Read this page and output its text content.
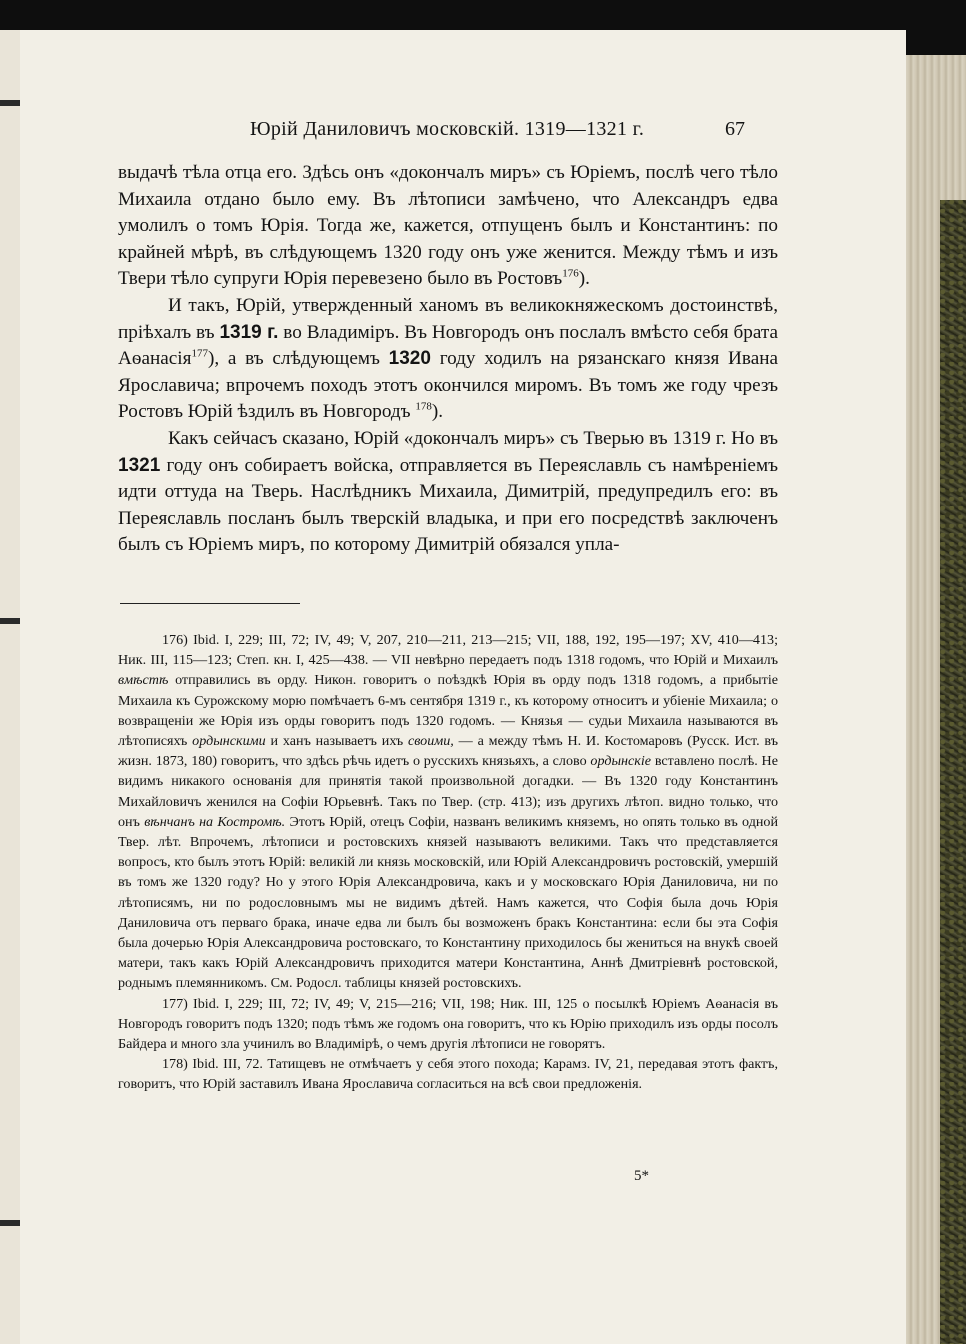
Юрій Даниловичъ московскій. 1319—1321 г.	67

выдачѣ тѣла отца его. Здѣсь онъ «докончалъ миръ» съ Юріемъ, послѣ чего тѣло Михаила отдано было ему. Въ лѣтописи замѣчено, что Александръ едва умолилъ о томъ Юрія. Тогда же, кажется, отпущенъ былъ и Константинъ: по крайней мѣрѣ, въ слѣдующемъ 1320 году онъ уже женится. Между тѣмъ и изъ Твери тѣло супруги Юрія перевезено было въ Ростовъ$^{176}$).

И такъ, Юрій, утвержденный ханомъ въ великокняжескомъ достоинствѣ, пріѣхалъ въ 1319 г. во Владиміръ. Въ Новгородъ онъ послалъ вмѣсто себя брата Аѳанасія$^{177}$), а въ слѣдующемъ 1320 году ходилъ на рязанскаго князя Ивана Ярославича; впрочемъ походъ этотъ окончился миромъ. Въ томъ же году чрезъ Ростовъ Юрій ѣздилъ въ Новгородъ $^{178}$).

Какъ сейчасъ сказано, Юрій «докончалъ миръ» съ Тверью въ 1319 г. Но въ 1321 году онъ собираетъ войска, отправляется въ Переяславль съ намѣреніемъ идти оттуда на Тверь. Наслѣдникъ Михаила, Димитрій, предупредилъ его: въ Переяславль посланъ былъ тверскій владыка, и при его посредствѣ заключенъ былъ съ Юріемъ миръ, по которому Димитрій обязался упла-

176) Ibid. I, 229; III, 72; IV, 49; V, 207, 210—211, 213—215; VII, 188, 192, 195—197; XV, 410—413; Ник. III, 115—123; Степ. кн. I, 425—438. — VII невѣрно передаетъ подъ 1318 годомъ, что Юрій и Михаилъ вмѣстѣ отправились въ орду. Никон. говоритъ о поѣздкѣ Юрія въ орду подъ 1318 годомъ, а прибытіе Михаила къ Сурожскому морю помѣчаетъ 6-мъ сентября 1319 г., къ которому относитъ и убіеніе Михаила; о возвращеніи же Юрія изъ орды говоритъ подъ 1320 годомъ. — Князья — судьи Михаила называются въ лѣтописяхъ ордынскими и ханъ называетъ ихъ своими, — а между тѣмъ Н. И. Костомаровъ (Русск. Ист. въ жизн. 1873, 180) говоритъ, что здѣсь рѣчь идетъ о русскихъ князьяхъ, а слово ордынскіе вставлено послѣ. Не видимъ никакого основанія для принятія такой произвольной догадки. — Въ 1320 году Константинъ Михайловичъ женился на Софіи Юрьевнѣ. Такъ по Твер. (стр. 413); изъ другихъ лѣтоп. видно только, что онъ вѣнчанъ на Костромѣ. Этотъ Юрій, отецъ Софіи, названъ великимъ княземъ, но опять только въ одной Твер. лѣт. Впрочемъ, лѣтописи и ростовскихъ князей называютъ великими. Такъ что представляется вопросъ, кто былъ этотъ Юрій: великій ли князь московскій, или Юрій Александровичъ ростовскій, умершій въ томъ же 1320 году? Но у этого Юрія Александровича, какъ и у московскаго Юрія Даниловича, ни по лѣтописямъ, ни по родословнымъ мы не видимъ дѣтей. Намъ кажется, что Софія была дочь Юрія Даниловича отъ перваго брака, иначе едва ли былъ бы возможенъ бракъ Константина: если бы эта Софія была дочерью Юрія Александровича ростовскаго, то Константину приходилось бы жениться на внукѣ своей матери, такъ какъ Юрій Александровичъ приходится матери Константина, Аннѣ Дмитріевнѣ ростовской, роднымъ племянникомъ. См. Родосл. таблицы князей ростовскихъ.

177) Ibid. I, 229; III, 72; IV, 49; V, 215—216; VII, 198; Ник. III, 125 о посылкѣ Юріемъ Аѳанасія въ Новгородъ говоритъ подъ 1320; подъ тѣмъ же годомъ она говоритъ, что къ Юрію приходилъ изъ орды посолъ Байдера и много зла учинилъ во Владимірѣ, о чемъ другія лѣтописи не говорятъ.

178) Ibid. III, 72. Татищевъ не отмѣчаетъ у себя этого похода; Карамз. IV, 21, передавая этотъ фактъ, говоритъ, что Юрій заставилъ Ивана Ярославича согласиться на всѣ свои предложенія.

5*
